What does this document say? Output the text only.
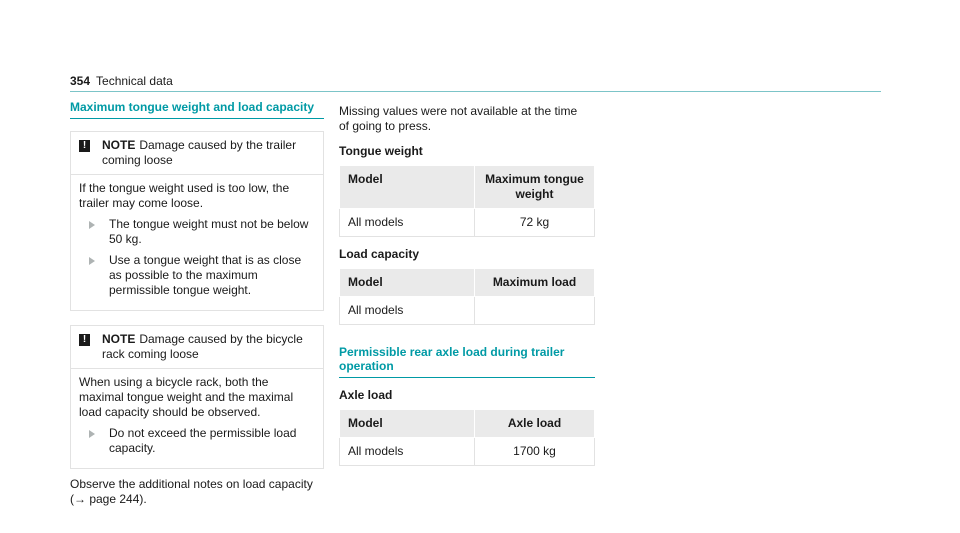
354 Technical data
Maximum tongue weight and load capacity
!	NOTE Damage caused by the trailer coming loose

If the tongue weight used is too low, the trailer may come loose.

The tongue weight must not be below 50 kg.
Use a tongue weight that is as close as possible to the maximum permissible tongue weight.
!	NOTE Damage caused by the bicycle rack coming loose

When using a bicycle rack, both the maximal tongue weight and the maximal load capacity should be observed.

Do not exceed the permissible load capacity.

Observe the additional notes on load capacity (→ page 244).

Missing values were not available at the time of going to press.

Tongue weight
Model	Maximum tongue weight
All models	72 kg
Load capacity
Model	Maximum load
All models	
Permissible rear axle load during trailer operation
Axle load
Model	Axle load
All models	1700 kg
